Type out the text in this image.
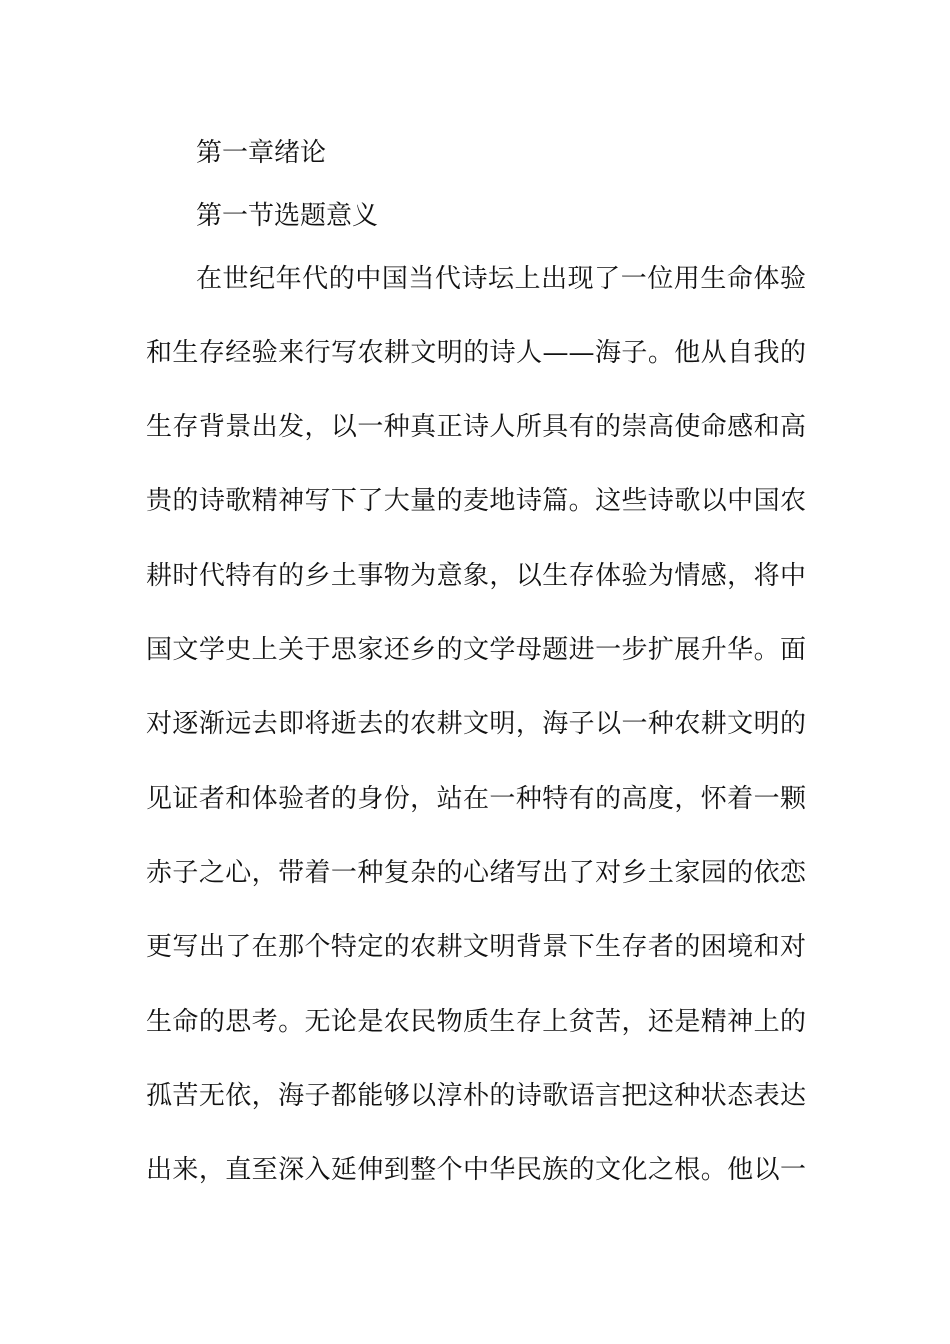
第一章绪论
第一节选题意义
在世纪年代的中国当代诗坛上出现了一位用生命体验
和生存经验来行写农耕文明的诗人——海子。他从自我的
生存背景出发，以一种真正诗人所具有的崇高使命感和高
贵的诗歌精神写下了大量的麦地诗篇。这些诗歌以中国农
耕时代特有的乡土事物为意象，以生存体验为情感，将中
国文学史上关于思家还乡的文学母题进一步扩展升华。面
对逐渐远去即将逝去的农耕文明，海子以一种农耕文明的
见证者和体验者的身份，站在一种特有的高度，怀着一颗
赤子之心，带着一种复杂的心绪写出了对乡土家园的依恋
更写出了在那个特定的农耕文明背景下生存者的困境和对
生命的思考。无论是农民物质生存上贫苦，还是精神上的
孤苦无依，海子都能够以淳朴的诗歌语言把这种状态表达
出来，直至深入延伸到整个中华民族的文化之根。他以一
